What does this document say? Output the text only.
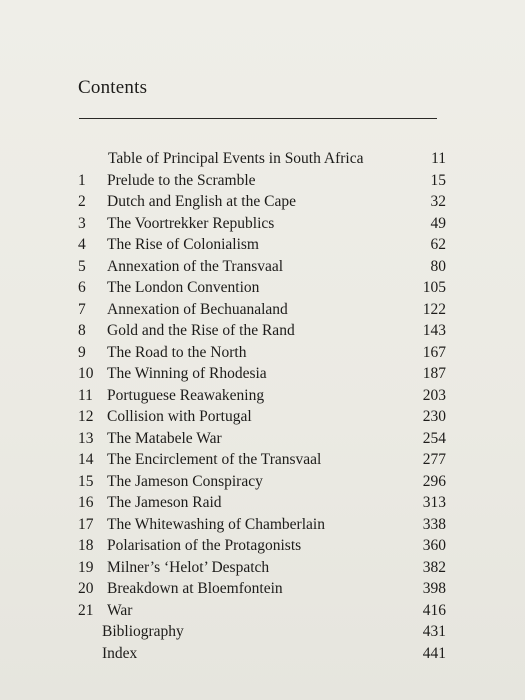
Contents
Table of Principal Events in South Africa	11
1	Prelude to the Scramble	15
2	Dutch and English at the Cape	32
3	The Voortrekker Republics	49
4	The Rise of Colonialism	62
5	Annexation of the Transvaal	80
6	The London Convention	105
7	Annexation of Bechuanaland	122
8	Gold and the Rise of the Rand	143
9	The Road to the North	167
10 The Winning of Rhodesia	187
11 Portuguese Reawakening	203
12 Collision with Portugal	230
13 The Matabele War	254
14 The Encirclement of the Transvaal	277
15 The Jameson Conspiracy	296
16 The Jameson Raid	313
17 The Whitewashing of Chamberlain	338
18 Polarisation of the Protagonists	360
19 Milner’s ‘Helot’ Despatch	382
20 Breakdown at Bloemfontein	398
21 War	416
Bibliography	431
Index	441
